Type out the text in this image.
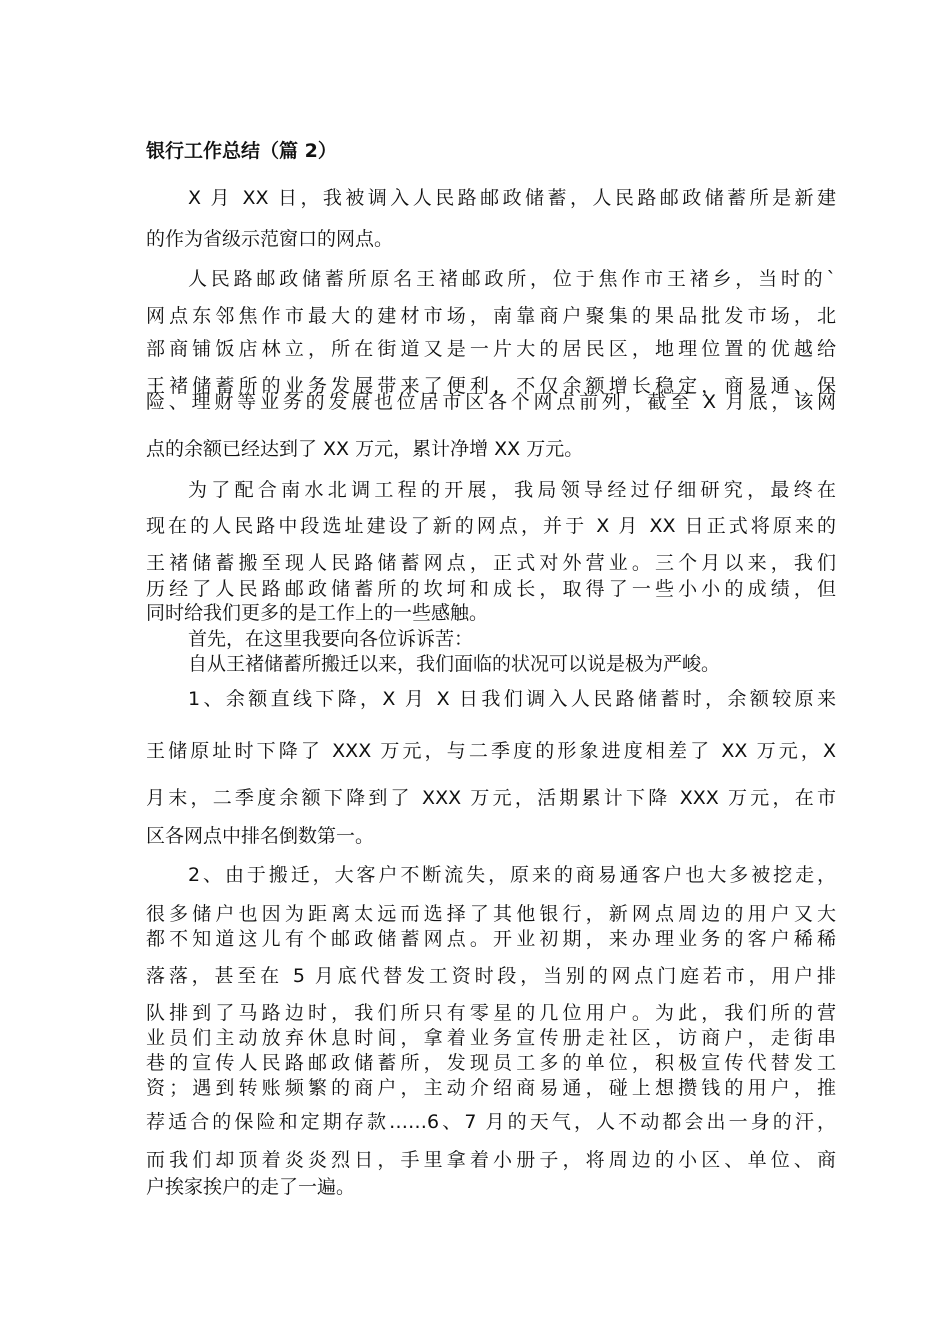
银行工作总结（篇 2）
X 月 XX 日，我被调入人民路邮政储蓄，人民路邮政储蓄所是新建
的作为省级示范窗口的网点。
人民路邮政储蓄所原名王褚邮政所，位于焦作市王褚乡，当时的`
网点东邻焦作市最大的建材市场，南靠商户聚集的果品批发市场，北
部商铺饭店林立，所在街道又是一片大的居民区，地理位置的优越给
王褚储蓄所的业务发展带来了便利，不仅余额增长稳定，商易通、保
险、理财等业务的发展也位居市区各个网点前列，截至 X 月底，该网
点的余额已经达到了 XX 万元，累计净增 XX 万元。
为了配合南水北调工程的开展，我局领导经过仔细研究，最终在
现在的人民路中段选址建设了新的网点，并于 X 月 XX 日正式将原来的
王褚储蓄搬至现人民路储蓄网点，正式对外营业。三个月以来，我们
历经了人民路邮政储蓄所的坎坷和成长，取得了一些小小的成绩，但
同时给我们更多的是工作上的一些感触。
首先，在这里我要向各位诉诉苦：
自从王褚储蓄所搬迁以来，我们面临的状况可以说是极为严峻。
1、余额直线下降，X 月 X 日我们调入人民路储蓄时，余额较原来
王储原址时下降了 XXX 万元，与二季度的形象进度相差了 XX 万元，X
月末，二季度余额下降到了 XXX 万元，活期累计下降 XXX 万元，在市
区各网点中排名倒数第一。
2、由于搬迁，大客户不断流失，原来的商易通客户也大多被挖走，
很多储户也因为距离太远而选择了其他银行，新网点周边的用户又大
都不知道这儿有个邮政储蓄网点。开业初期，来办理业务的客户稀稀
落落，甚至在 5 月底代替发工资时段，当别的网点门庭若市，用户排
队排到了马路边时，我们所只有零星的几位用户。为此，我们所的营
业员们主动放弃休息时间，拿着业务宣传册走社区，访商户，走街串
巷的宣传人民路邮政储蓄所，发现员工多的单位，积极宣传代替发工
资；遇到转账频繁的商户，主动介绍商易通，碰上想攒钱的用户，推
荐适合的保险和定期存款……6、7 月的天气，人不动都会出一身的汗，
而我们却顶着炎炎烈日，手里拿着小册子，将周边的小区、单位、商
户挨家挨户的走了一遍。
